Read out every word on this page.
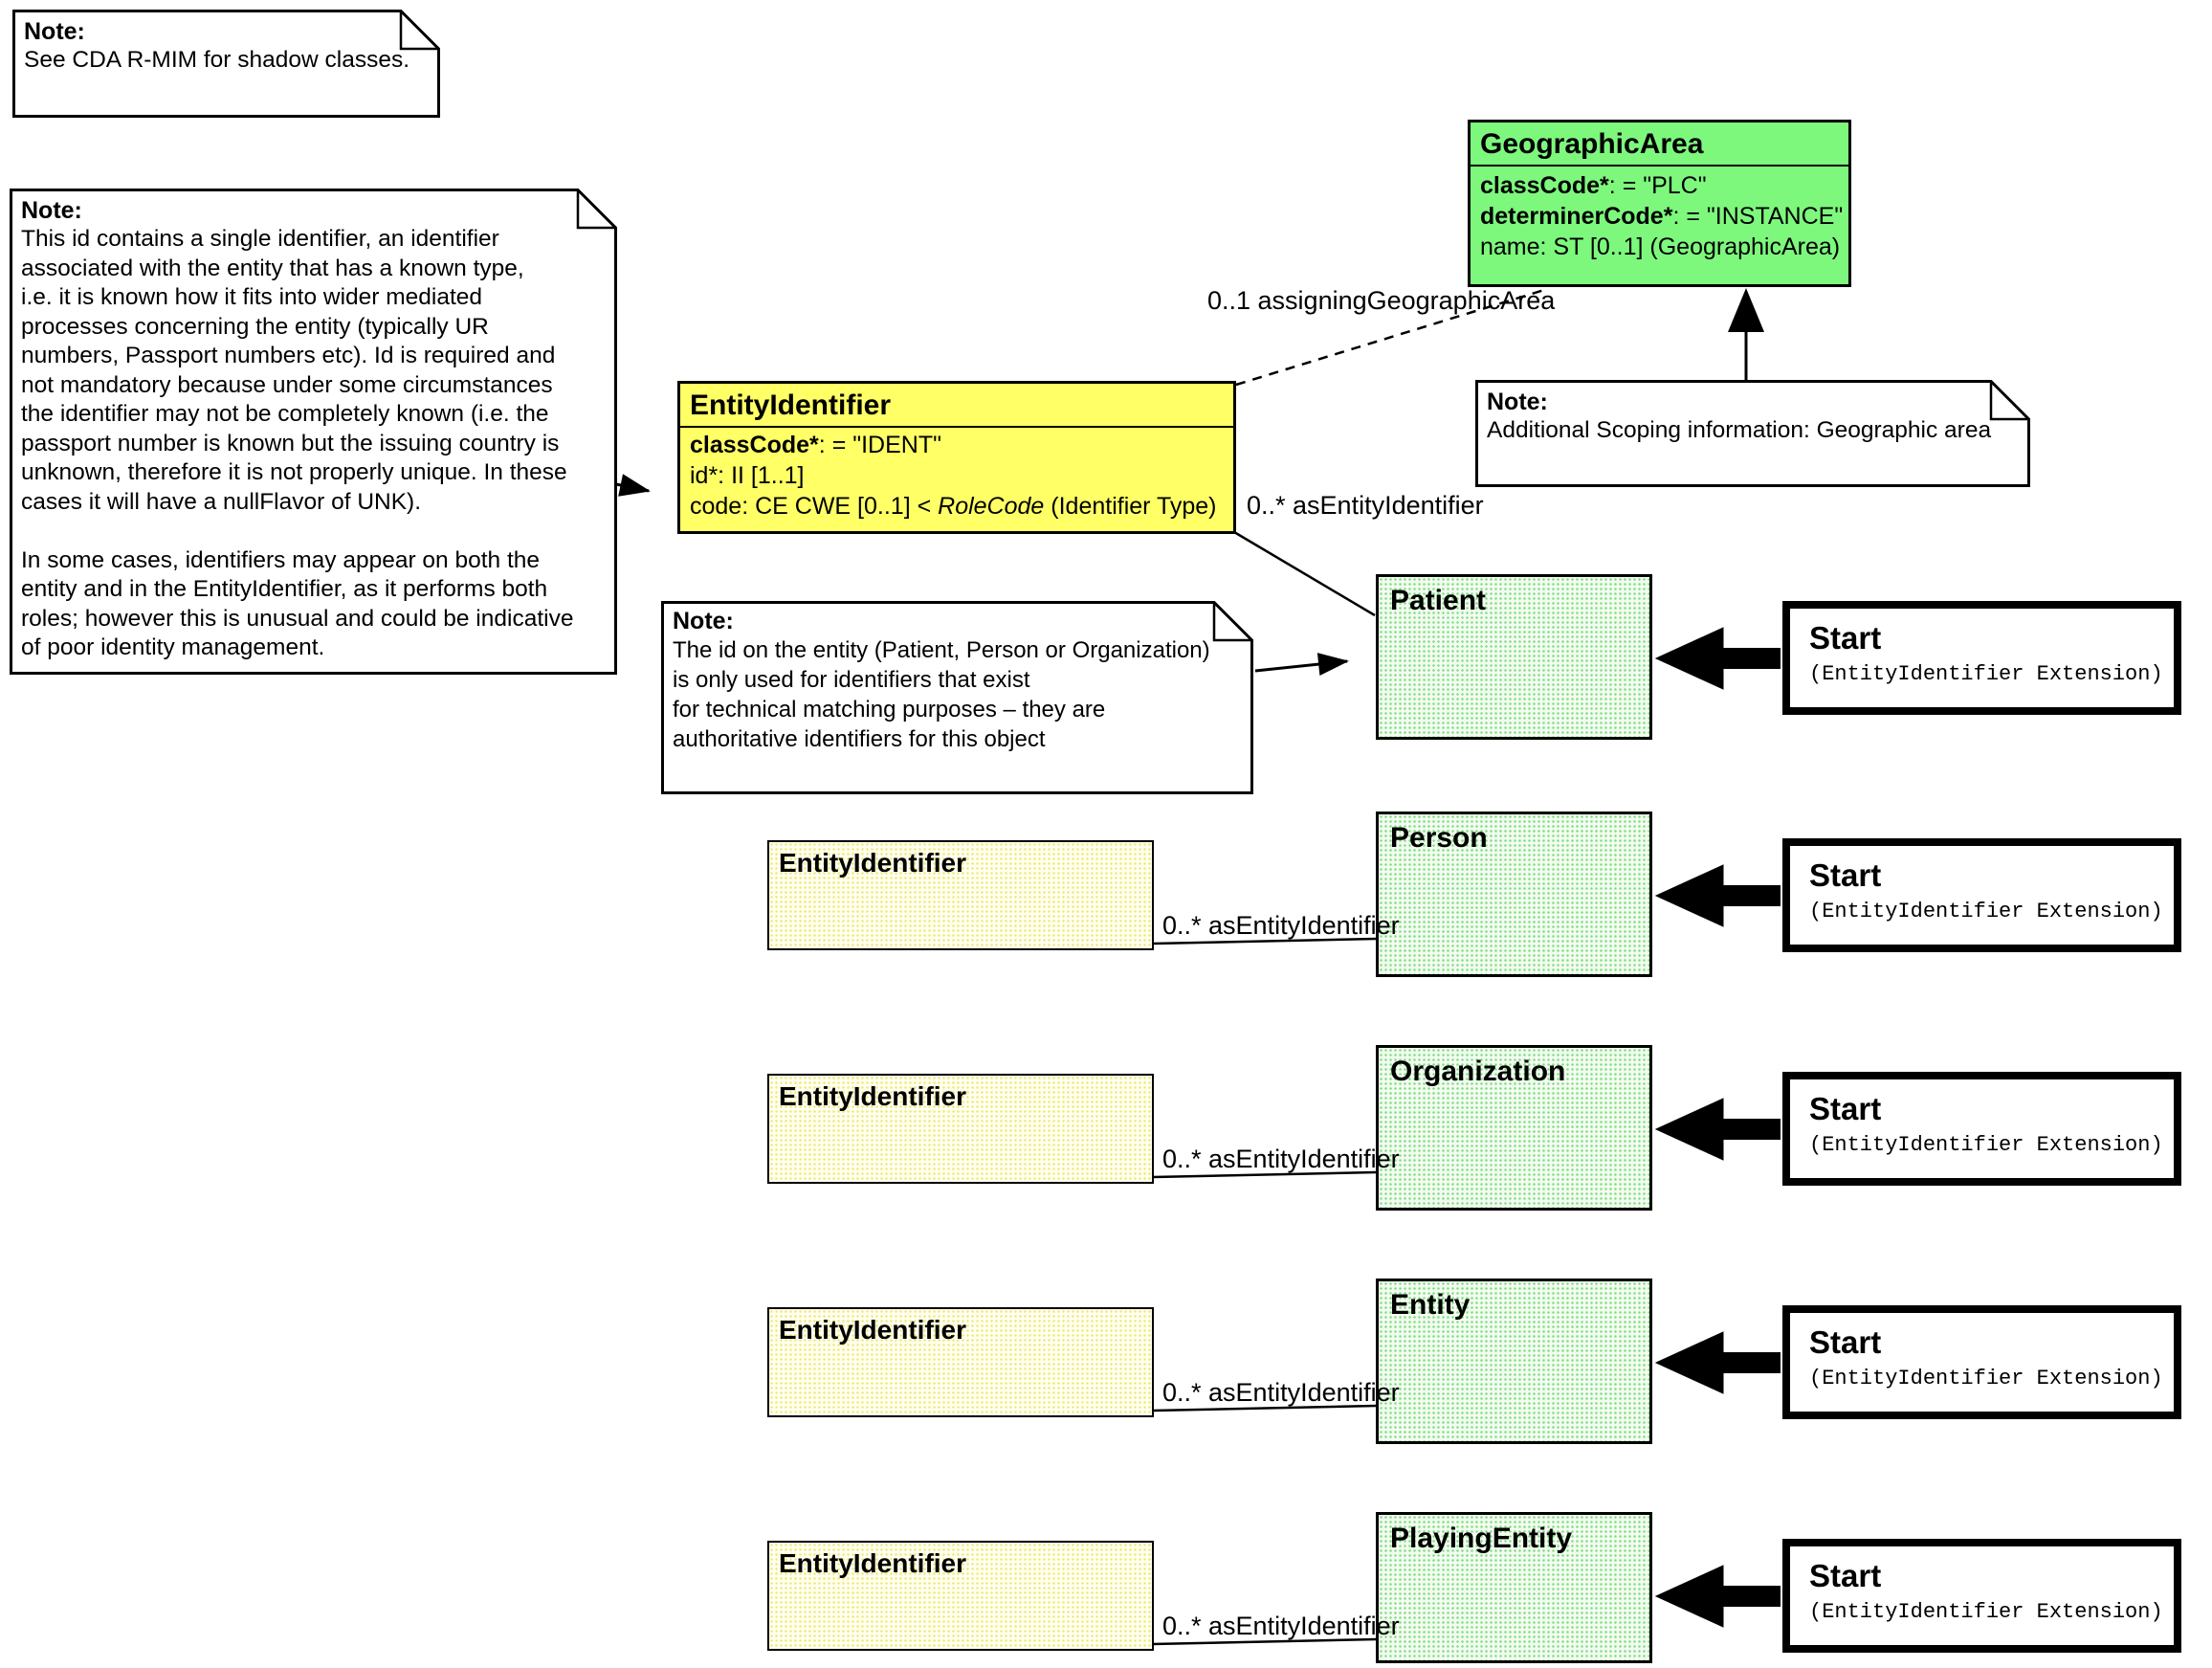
Note:
See CDA R-MIM for shadow classes.
Note:
This id contains a single identifier, an identifier
associated with the entity that has a known type,
i.e. it is known how it fits into wider mediated
processes concerning the entity (typically UR
numbers, Passport numbers etc). Id is required and
not mandatory because under some circumstances
the identifier may not be completely known (i.e. the
passport number is known but the issuing country is
unknown, therefore it is not properly unique. In these
cases it will have a nullFlavor of UNK).
In some cases, identifiers may appear on both the
entity and in the EntityIdentifier, as it performs both
roles; however this is unusual and could be indicative
of poor identity management.
GeographicArea
classCode*: = "PLC"
determinerCode*: = "INSTANCE"
name: ST [0..1] (GeographicArea)
Note:
Additional Scoping information: Geographic area
EntityIdentifier
classCode*: = "IDENT"
id*: II [1..1]
code: CE CWE [0..1] < RoleCode (Identifier Type)
0..1 assigningGeographicArea
0..* asEntityIdentifier
Note:
The id on the entity (Patient, Person or Organization)
is only used for identifiers that exist
for technical matching purposes – they are
authoritative identifiers for this object
Patient
Person
Organization
Entity
PlayingEntity
EntityIdentifier
EntityIdentifier
EntityIdentifier
EntityIdentifier
0..* asEntityIdentifier
0..* asEntityIdentifier
0..* asEntityIdentifier
0..* asEntityIdentifier
Start
(EntityIdentifier Extension)
Start
(EntityIdentifier Extension)
Start
(EntityIdentifier Extension)
Start
(EntityIdentifier Extension)
Start
(EntityIdentifier Extension)
